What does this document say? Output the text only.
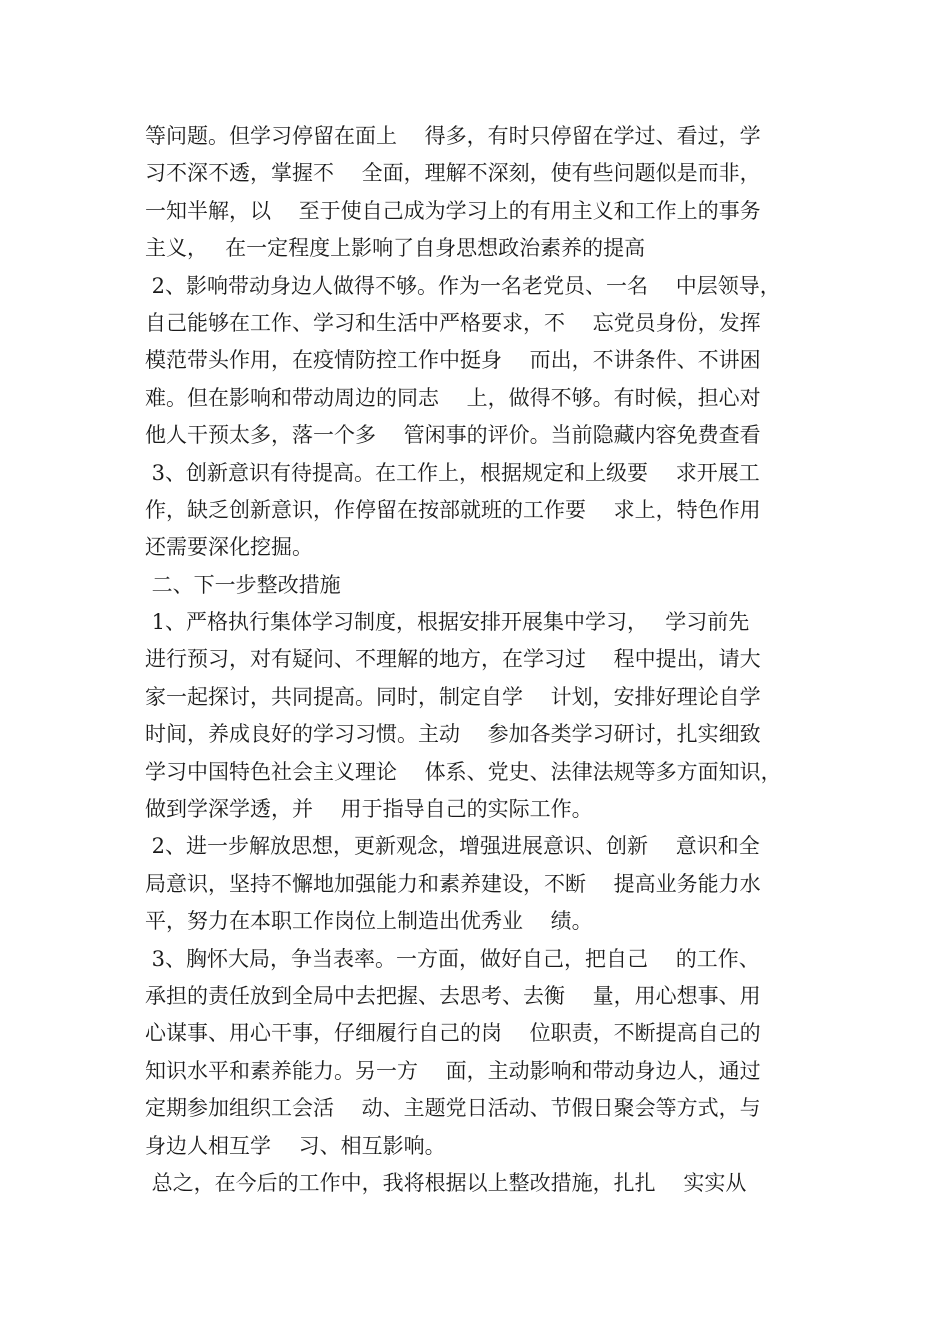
等问题。但学习停留在面上　 得多，有时只停留在学过、看过，学
习不深不透，掌握不　 全面，理解不深刻，使有些问题似是而非，
一知半解，以　 至于使自己成为学习上的有用主义和工作上的事务
主义，　 在一定程度上影响了自身思想政治素养的提高
2、影响带动身边人做得不够。作为一名老党员、一名　 中层领导，
自己能够在工作、学习和生活中严格要求，不　 忘党员身份，发挥
模范带头作用，在疫情防控工作中挺身　 而出，不讲条件、不讲困
难。但在影响和带动周边的同志　 上，做得不够。有时候，担心对
他人干预太多，落一个多　 管闲事的评价。当前隐藏内容免费查看
3、创新意识有待提高。在工作上，根据规定和上级要　 求开展工
作，缺乏创新意识，作停留在按部就班的工作要　 求上，特色作用
还需要深化挖掘。
二、下一步整改措施
1、严格执行集体学习制度，根据安排开展集中学习，　 学习前先
进行预习，对有疑问、不理解的地方，在学习过　 程中提出，请大
家一起探讨，共同提高。同时，制定自学　 计划，安排好理论自学
时间，养成良好的学习习惯。主动　 参加各类学习研讨，扎实细致
学习中国特色社会主义理论　 体系、党史、法律法规等多方面知识，
做到学深学透，并　 用于指导自己的实际工作。
2、进一步解放思想，更新观念，增强进展意识、创新　 意识和全
局意识，坚持不懈地加强能力和素养建设，不断　 提高业务能力水
平，努力在本职工作岗位上制造出优秀业　 绩。
3、胸怀大局，争当表率。一方面，做好自己，把自己　 的工作、
承担的责任放到全局中去把握、去思考、去衡　 量，用心想事、用
心谋事、用心干事，仔细履行自己的岗　 位职责，不断提高自己的
知识水平和素养能力。另一方　 面，主动影响和带动身边人，通过
定期参加组织工会活　 动、主题党日活动、节假日聚会等方式，与
身边人相互学　 习、相互影响。
总之，在今后的工作中，我将根据以上整改措施，扎扎　 实实从
